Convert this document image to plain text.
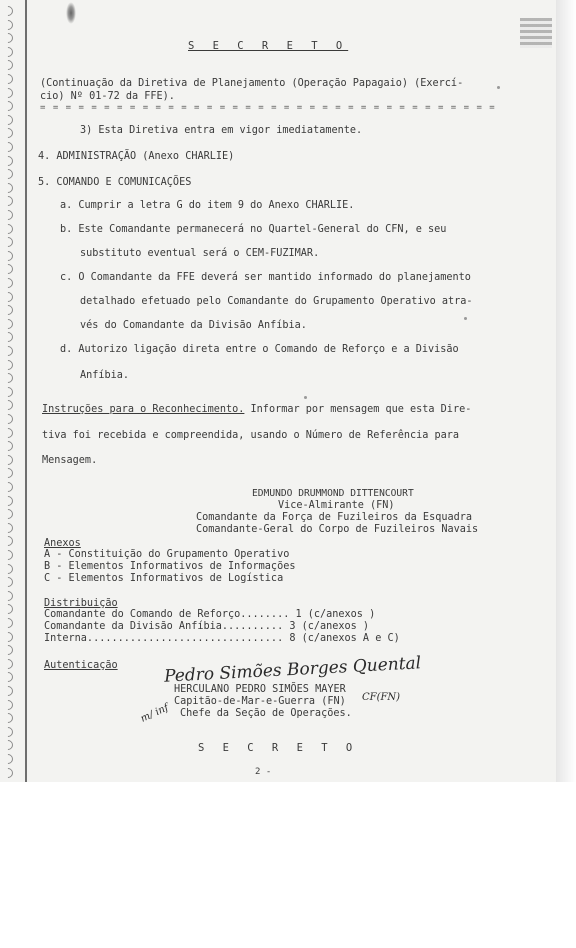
S E C R E T O
(Continuação da Diretiva de Planejamento (Operação Papagaio) (Exercí-
cio) Nº 01-72 da FFE).
= = = = = = = = = = = = = = = = = = = = = = = = = = = = = = = = = = = =
3) Esta Diretiva entra em vigor imediatamente.
4. ADMINISTRAÇÃO (Anexo CHARLIE)
5. COMANDO E COMUNICAÇÕES
a. Cumprir a letra G do item 9 do Anexo CHARLIE.
b. Este Comandante permanecerá no Quartel-General do CFN, e seu
substituto eventual será o CEM-FUZIMAR.
c. O Comandante da FFE deverá ser mantido informado do planejamento
detalhado efetuado pelo Comandante do Grupamento Operativo atra-
vés do Comandante da Divisão Anfíbia.
d. Autorizo ligação direta entre o Comando de Reforço e a Divisão
Anfíbia.
Instruções para o Reconhecimento. Informar por mensagem que esta Dire-
tiva foi recebida e compreendida, usando o Número de Referência para
Mensagem.
EDMUNDO DRUMMOND DITTENCOURT
Vice-Almirante (FN)
Comandante da Força de Fuzileiros da Esquadra
Comandante-Geral do Corpo de Fuzileiros Navais
Anexos
A - Constituição do Grupamento Operativo
B - Elementos Informativos de Informações
C - Elementos Informativos de Logística
Distribuição
Comandante do Comando de Reforço........ 1 (c/anexos )
Comandante da Divisão Anfíbia.......... 3 (c/anexos )
Interna................................ 8 (c/anexos A e C)
Autenticação	Pedro Simões Borges Quental
HERCULANO PEDRO SIMÕES MAYER
Capitão-de-Mar-e-Guerra (FN) CF(FN)
Chefe da Seção de Operações.
m/ inf
S E C R E T O
2 -
